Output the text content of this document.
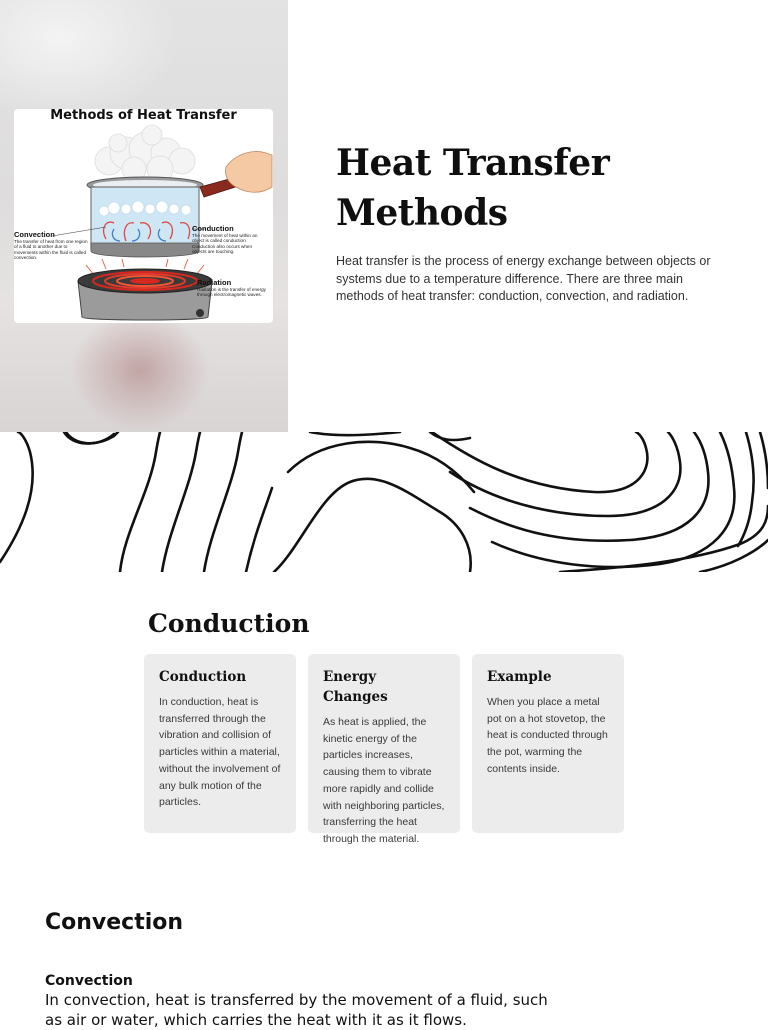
Methods of Heat Transfer
Convection
The transfer of heat from one region of a fluid to another due to movements within the fluid is called convection.
Conduction
The movement of heat within an object is called conduction. Conduction also occurs when objects are touching.
Radiation
Radiation is the transfer of energy through electromagnetic waves.
Heat Transfer Methods

Heat transfer is the process of energy exchange between objects or systems due to a temperature difference. There are three main methods of heat transfer: conduction, convection, and radiation.

Conduction
Conduction

In conduction, heat is transferred through the vibration and collision of particles within a material, without the involvement of any bulk motion of the particles.

Energy Changes

As heat is applied, the kinetic energy of the particles increases, causing them to vibrate more rapidly and collide with neighboring particles, transferring the heat through the material.

Example

When you place a metal pot on a hot stovetop, the heat is conducted through the pot, warming the contents inside.

Convection
Convection

In convection, heat is transferred by the movement of a fluid, such as air or water, which carries the heat with it as it flows.
